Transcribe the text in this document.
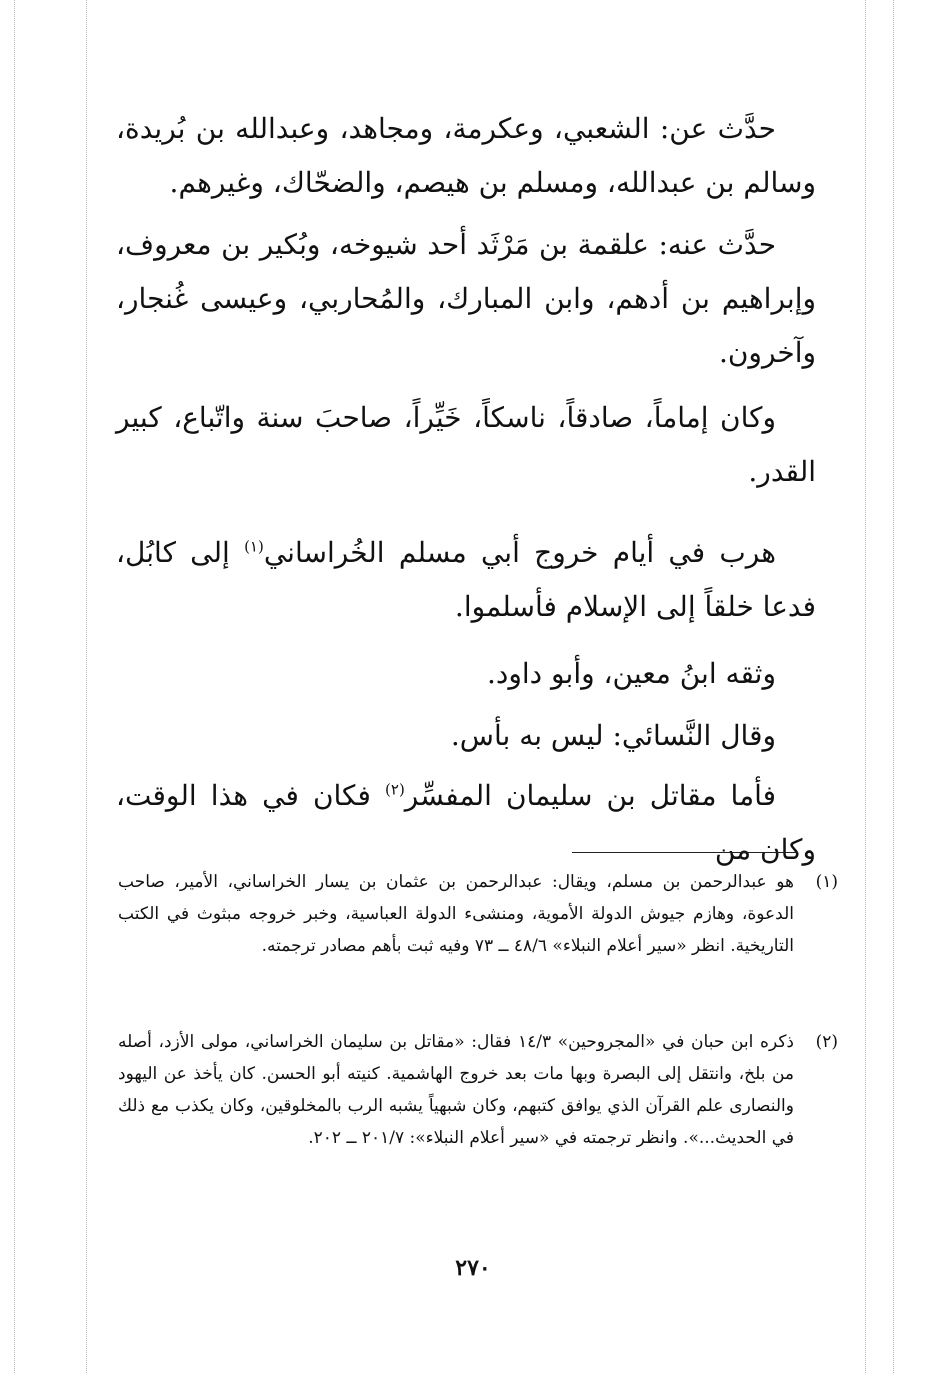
حدَّث عن: الشعبي، وعكرمة، ومجاهد، وعبدالله بن بُريدة، وسالم بن عبدالله، ومسلم بن هيصم، والضحّاك، وغيرهم.

حدَّث عنه: علقمة بن مَرْثَد أحد شيوخه، وبُكير بن معروف، وإبراهيم بن أدهم، وابن المبارك، والمُحاربي، وعيسى غُنجار، وآخرون.

وكان إماماً، صادقاً، ناسكاً، خَيِّراً، صاحبَ سنة واتّباع، كبير القدر.

هرب في أيام خروج أبي مسلم الخُراساني$^{(١)}$ إلى كابُل، فدعا خلقاً إلى الإسلام فأسلموا.

وثقه ابنُ معين، وأبو داود.

وقال النَّسائي: ليس به بأس.

فأما مقاتل بن سليمان المفسِّر$^{(٢)}$ فكان في هذا الوقت، وكان من

(١)
هو عبدالرحمن بن مسلم، ويقال: عبدالرحمن بن عثمان بن يسار الخراساني، الأمير، صاحب الدعوة، وهازم جيوش الدولة الأموية، ومنشىء الدولة العباسية، وخبر خروجه مبثوث في الكتب التاريخية. انظر «سير أعلام النبلاء» ٤٨/٦ ــ ٧٣ وفيه ثبت بأهم مصادر ترجمته.
(٢)
ذكره ابن حبان في «المجروحين» ١٤/٣ فقال: «مقاتل بن سليمان الخراساني، مولى الأزد، أصله من بلخ، وانتقل إلى البصرة وبها مات بعد خروج الهاشمية. كنيته أبو الحسن. كان يأخذ عن اليهود والنصارى علم القرآن الذي يوافق كتبهم، وكان شبهياً يشبه الرب بالمخلوقين، وكان يكذب مع ذلك في الحديث...». وانظر ترجمته في «سير أعلام النبلاء»: ٢٠١/٧ ــ ٢٠٢.
٢٧٠
